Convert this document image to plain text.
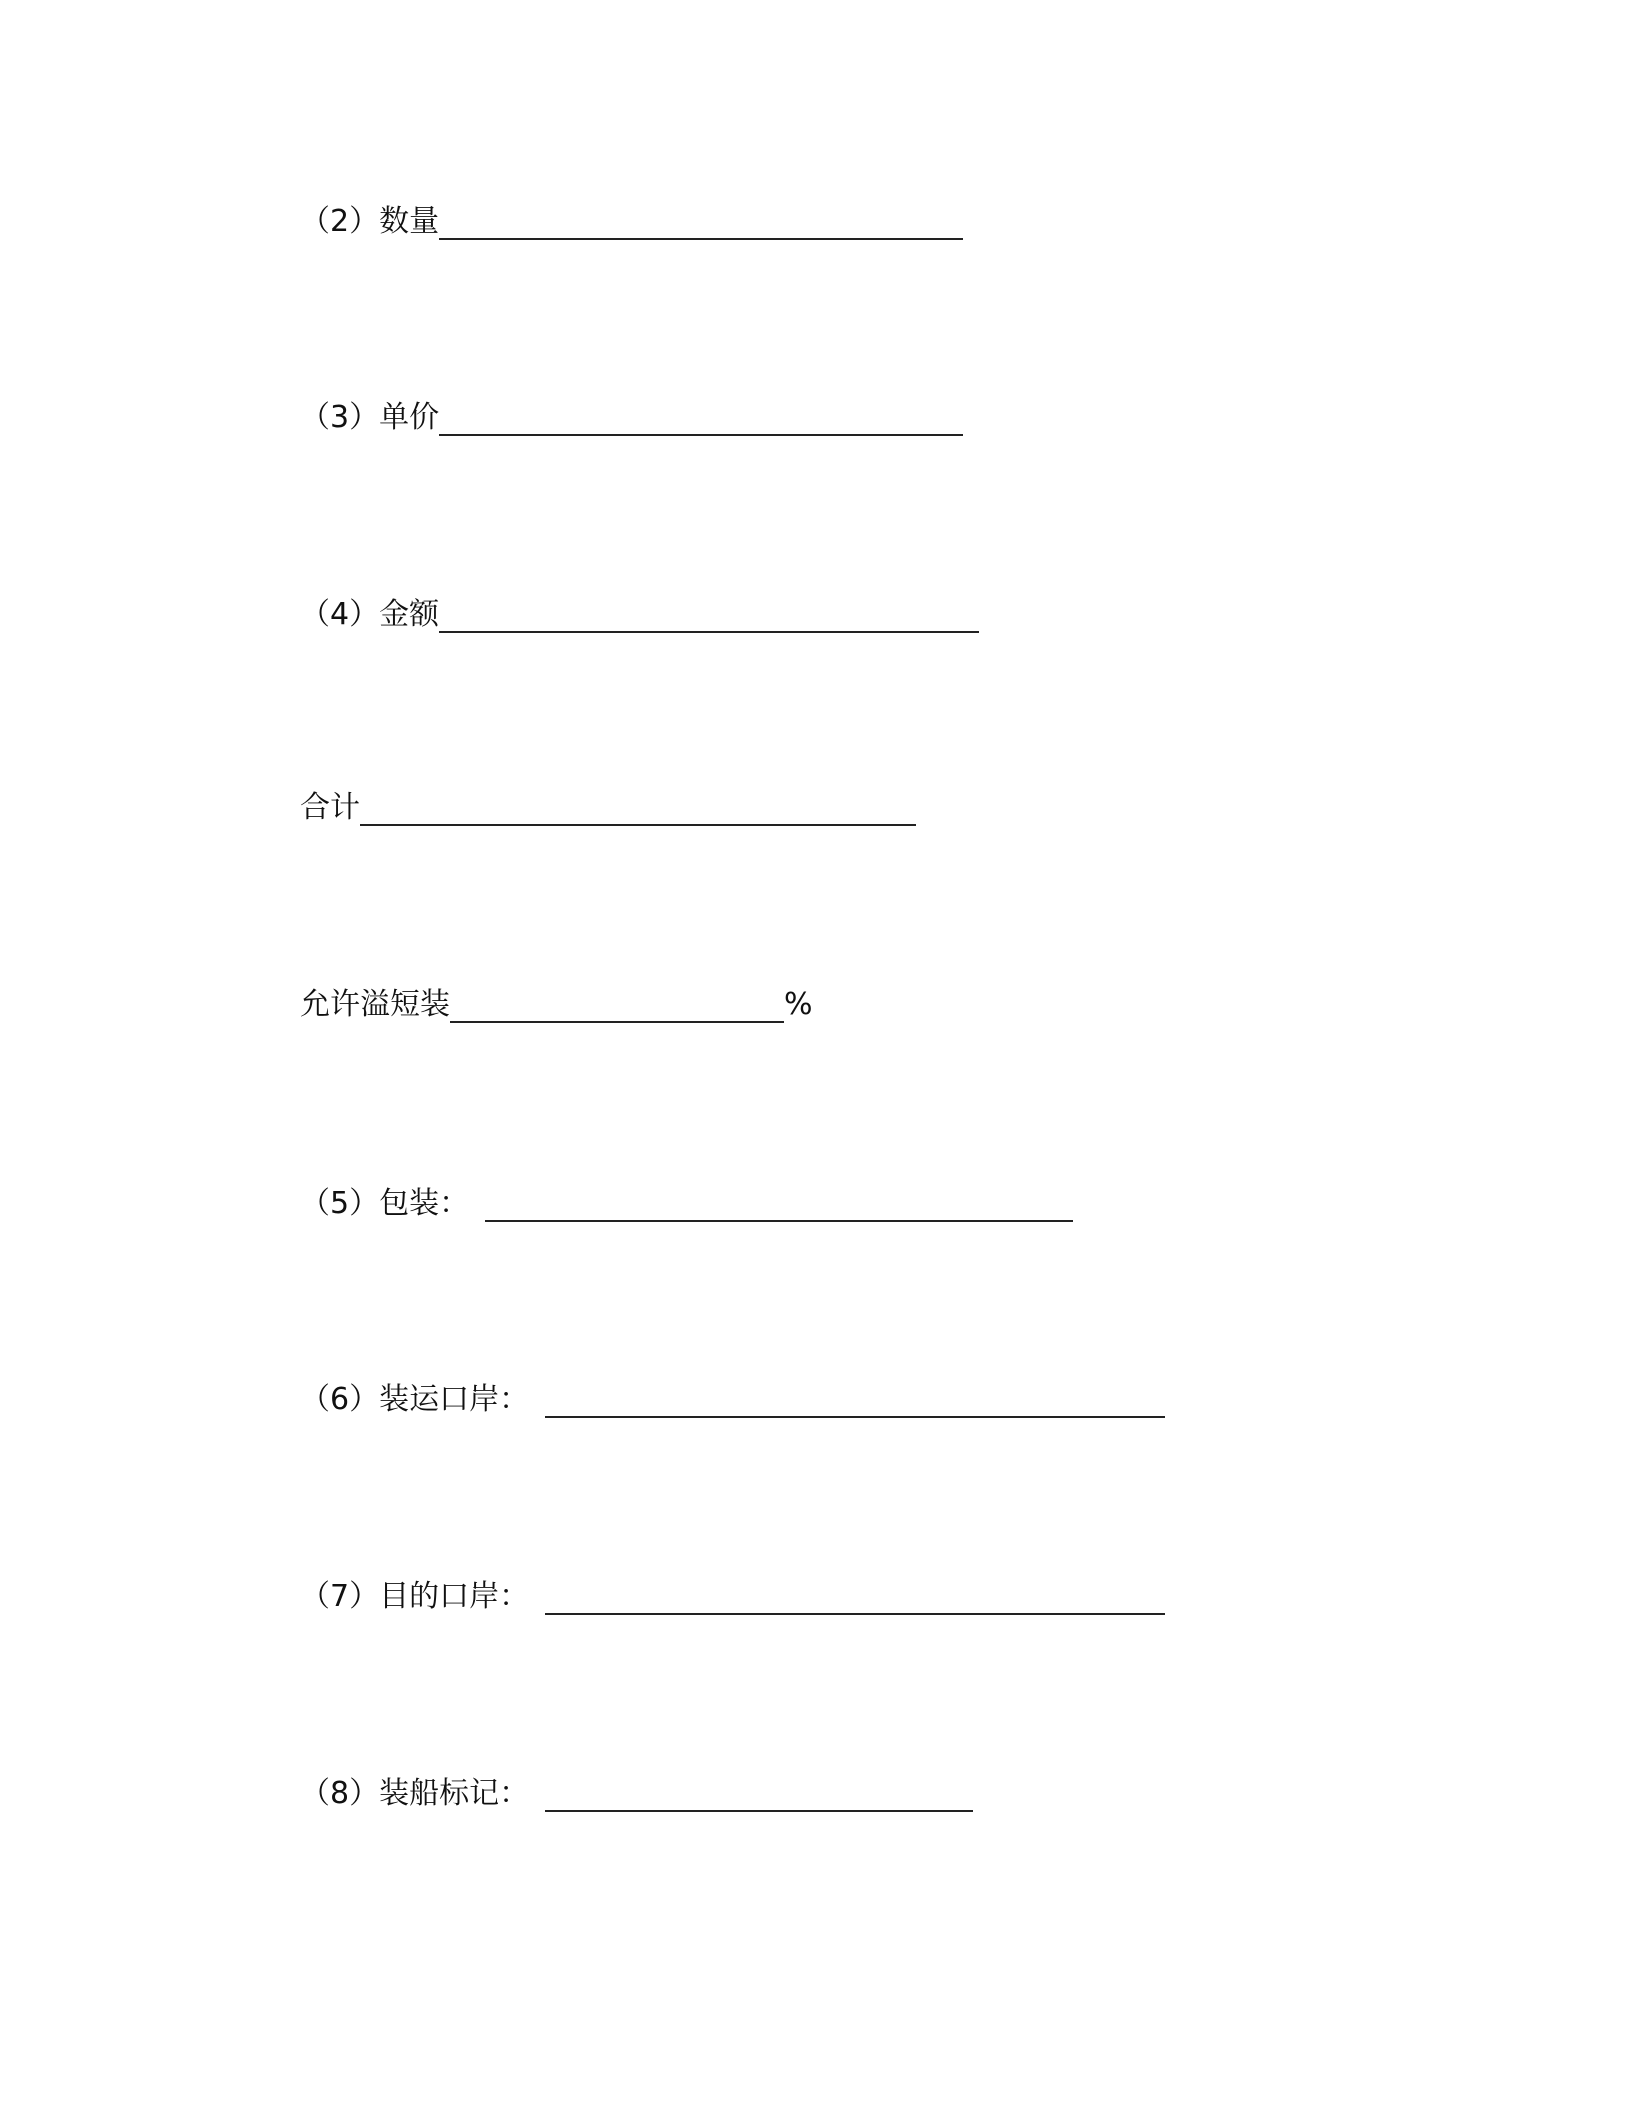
（2）数量
（3）单价
（4）金额
合计
允许溢短装	%
（5）包装：
（6）装运口岸：
（7）目的口岸：
（8）装船标记：
